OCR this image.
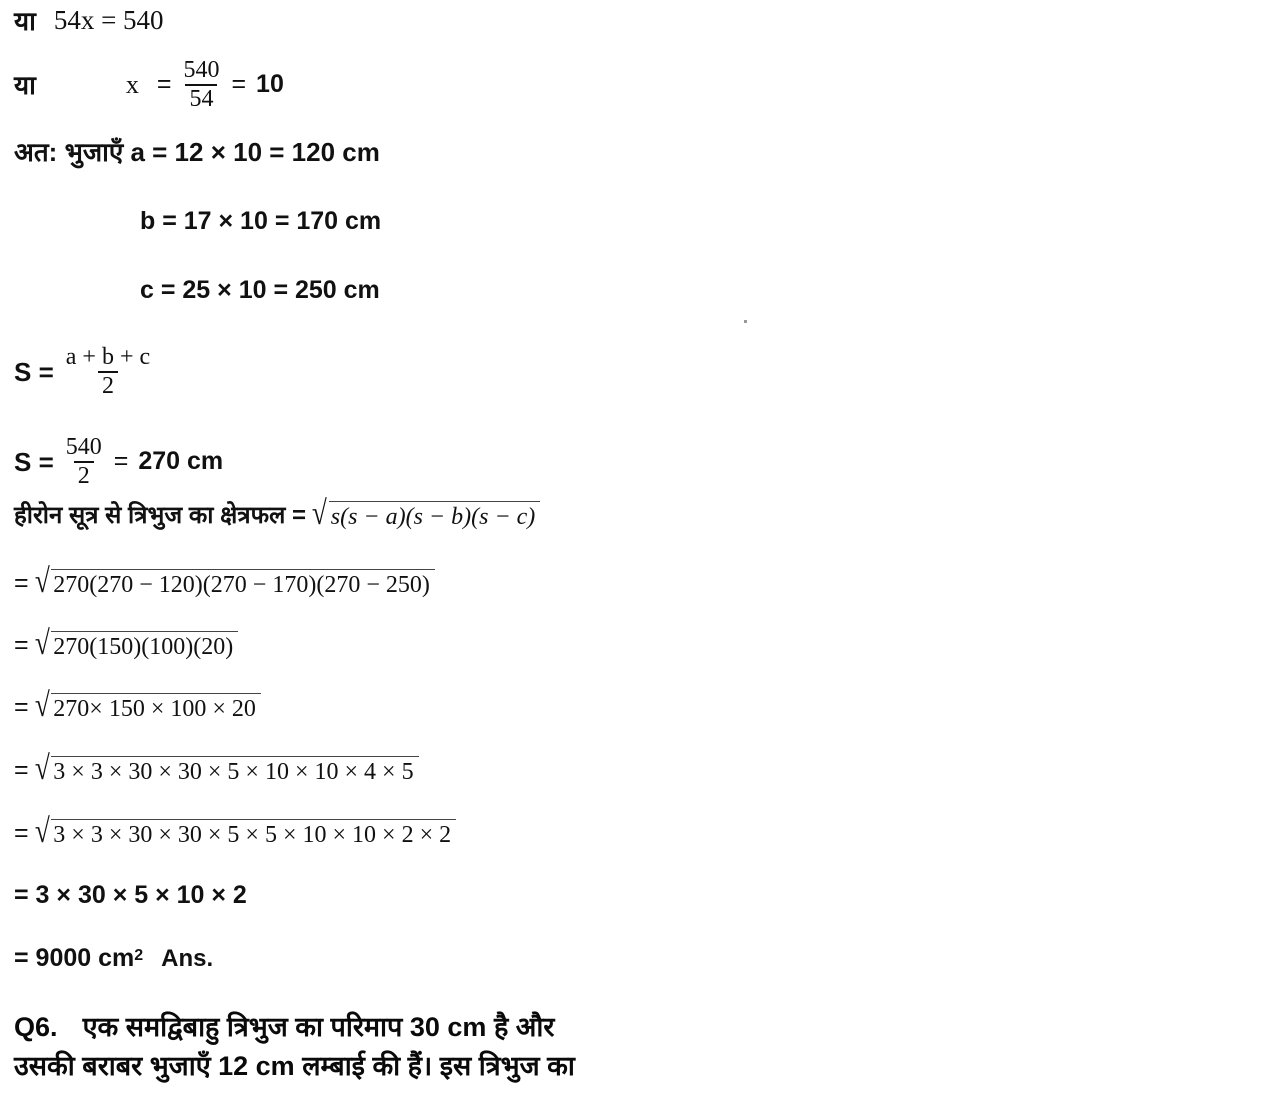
या 54x = 540
या	$x = \frac{540}{54} = 10$
अत: भुजाएँ a = 12 × 10 = 120 cm
b = 17 × 10 = 170 cm
c = 25 × 10 = 250 cm
$S = \frac{a + b + c}{2}$
$S = \frac{540}{2} = 270$ cm
हीरोन सूत्र से त्रिभुज का क्षेत्रफल = √ s(s − a)(s − b)(s − c)
= √ 270(270 − 120)(270 − 170)(270 − 250)
= √ 270(150)(100)(20)
= √ 270× 150 × 100 × 20
= √ 3 × 3 × 30 × 30 × 5 × 10 × 10 × 4 × 5
= √ 3 × 3 × 30 × 30 × 5 × 5 × 10 × 10 × 2 × 2
= 3 × 30 × 5 × 10 × 2
= 9000 cm 2 Ans.
Q6. एक समद्विबाहु त्रिभुज का परिमाप 30 cm है और
उसकी बराबर भुजाएँ 12 cm लम्बाई की हैं। इस त्रिभुज का
